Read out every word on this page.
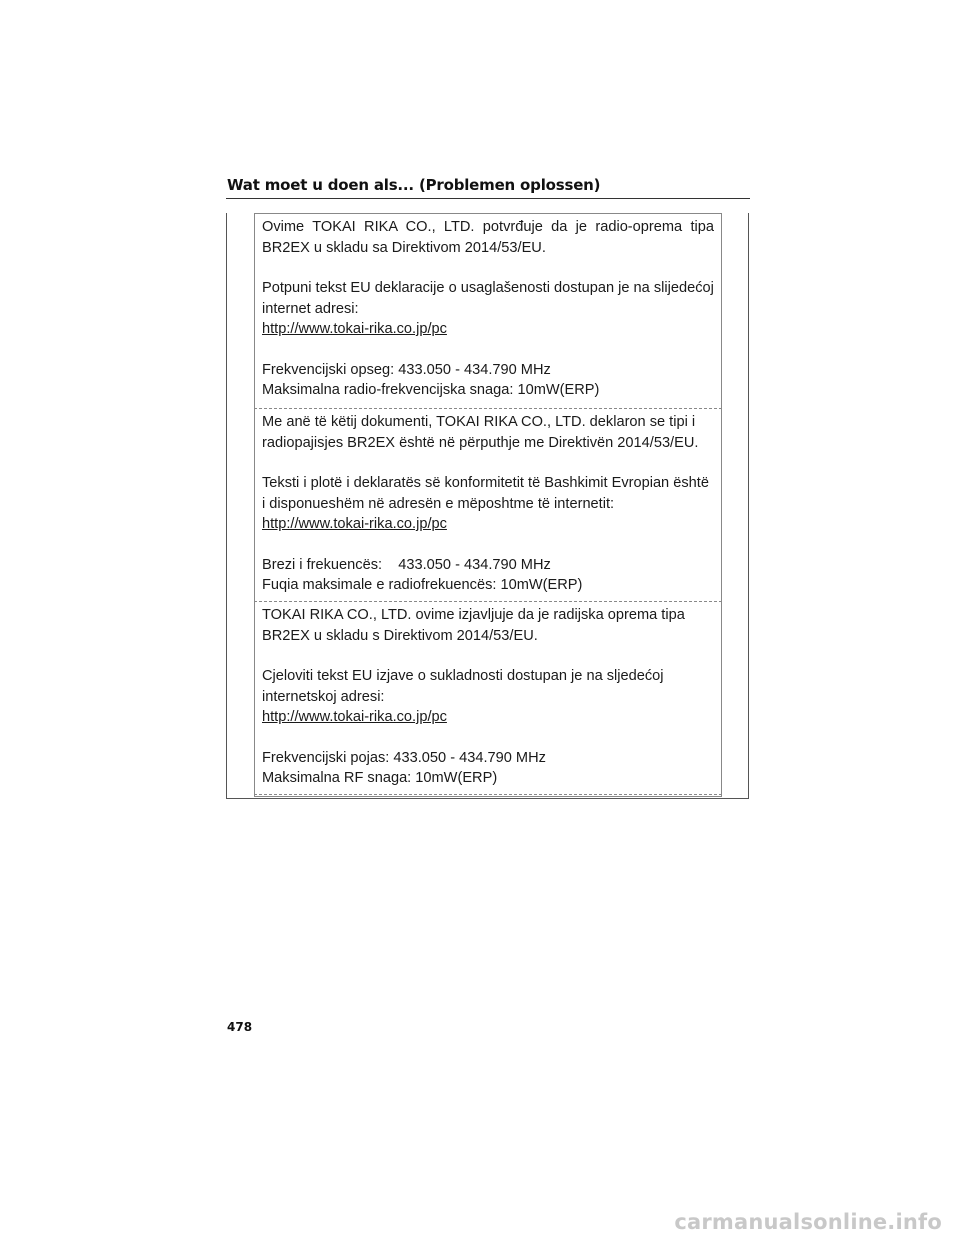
Wat moet u doen als... (Problemen oplossen)
Ovime TOKAI RIKA CO., LTD. potvrđuje da je radio-oprema tipa
BR2EX u skladu sa Direktivom 2014/53/EU.
Potpuni tekst EU deklaracije o usaglašenosti dostupan je na slijedećoj
internet adresi:
http://www.tokai-rika.co.jp/pc
Frekvencijski opseg: 433.050 - 434.790 MHz
Maksimalna radio-frekvencijska snaga: 10mW(ERP)
Me anë të këtij dokumenti, TOKAI RIKA CO., LTD. deklaron se tipi i
radiopajisjes BR2EX është në përputhje me Direktivën 2014/53/EU.
Teksti i plotë i deklaratës së konformitetit të Bashkimit Evropian është
i disponueshëm në adresën e mëposhtme të internetit:
http://www.tokai-rika.co.jp/pc
Brezi i frekuencës:    433.050 - 434.790 MHz
Fuqia maksimale e radiofrekuencës: 10mW(ERP)
TOKAI RIKA CO., LTD. ovime izjavljuje da je radijska oprema tipa
BR2EX u skladu s Direktivom 2014/53/EU.
Cjeloviti tekst EU izjave o sukladnosti dostupan je na sljedećoj
internetskoj adresi:
http://www.tokai-rika.co.jp/pc
Frekvencijski pojas: 433.050 - 434.790 MHz
Maksimalna RF snaga: 10mW(ERP)
478
carmanualsonline.info
